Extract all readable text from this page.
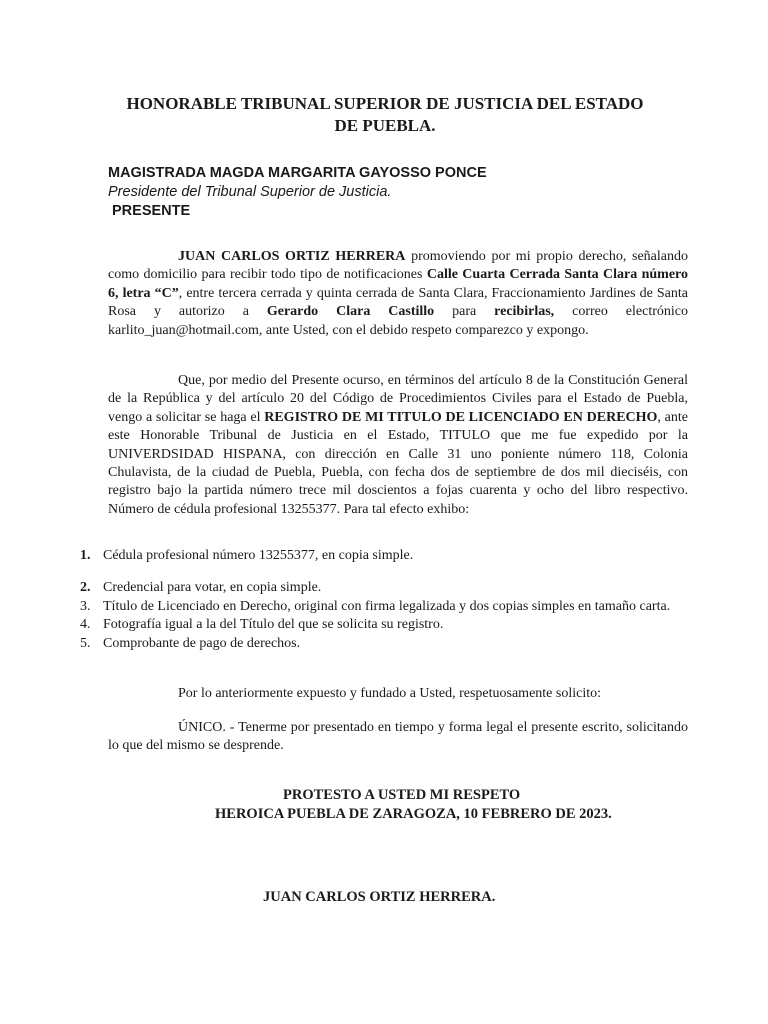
HONORABLE TRIBUNAL SUPERIOR DE JUSTICIA DEL ESTADO
DE PUEBLA.
MAGISTRADA MAGDA MARGARITA GAYOSSO PONCE
Presidente del Tribunal Superior de Justicia.
PRESENTE
JUAN CARLOS ORTIZ HERRERA promoviendo por mi propio derecho, señalando como domicilio para recibir todo tipo de notificaciones Calle Cuarta Cerrada Santa Clara número 6, letra “C”, entre tercera cerrada y quinta cerrada de Santa Clara, Fraccionamiento Jardines de Santa Rosa y autorizo a Gerardo Clara Castillo para recibirlas, correo electrónico karlito_juan@hotmail.com, ante Usted, con el debido respeto comparezco y expongo.
Que, por medio del Presente ocurso, en términos del artículo 8 de la Constitución General de la República y del artículo 20 del Código de Procedimientos Civiles para el Estado de Puebla, vengo a solicitar se haga el REGISTRO DE MI TITULO DE LICENCIADO EN DERECHO, ante este Honorable Tribunal de Justicia en el Estado, TITULO que me fue expedido por la UNIVERDSIDAD HISPANA, con dirección en Calle 31 uno poniente número 118, Colonia Chulavista, de la ciudad de Puebla, Puebla, con fecha dos de septiembre de dos mil dieciséis, con registro bajo la partida número trece mil doscientos a fojas cuarenta y ocho del libro respectivo. Número de cédula profesional 13255377. Para tal efecto exhibo:
1. Cédula profesional número 13255377, en copia simple.
2. Credencial para votar, en copia simple.
3. Título de Licenciado en Derecho, original con firma legalizada y dos copias simples en tamaño carta.
4. Fotografía igual a la del Título del que se solicita su registro.
5. Comprobante de pago de derechos.
Por lo anteriormente expuesto y fundado a Usted, respetuosamente solicito:
ÚNICO. - Tenerme por presentado en tiempo y forma legal el presente escrito, solicitando lo que del mismo se desprende.
PROTESTO A USTED MI RESPETO
HEROICA PUEBLA DE ZARAGOZA, 10 FEBRERO DE 2023.
JUAN CARLOS ORTIZ HERRERA.
